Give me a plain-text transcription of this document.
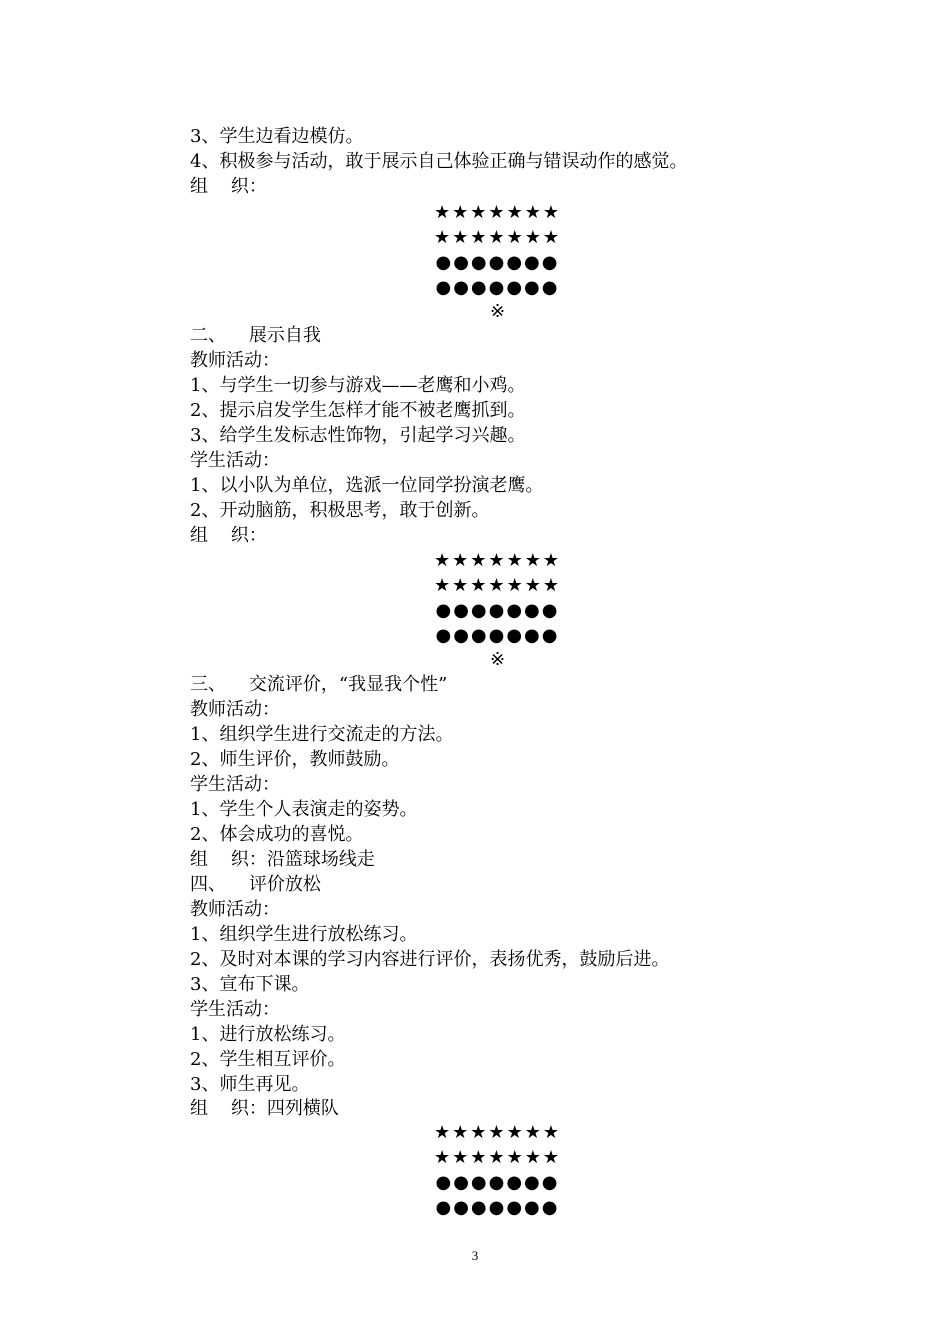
3、学生边看边模仿。
4、积极参与活动，敢于展示自己体验正确与错误动作的感觉。
组    织：
★★★★★★★
★★★★★★★
●●●●●●●
●●●●●●●
※
二、    展示自我
教师活动：
1、与学生一切参与游戏——老鹰和小鸡。
2、提示启发学生怎样才能不被老鹰抓到。
3、给学生发标志性饰物，引起学习兴趣。
学生活动：
1、以小队为单位，选派一位同学扮演老鹰。
2、开动脑筋，积极思考，敢于创新。
组    织：
★★★★★★★
★★★★★★★
●●●●●●●
●●●●●●●
※
三、    交流评价，“我显我个性”
教师活动：
1、组织学生进行交流走的方法。
2、师生评价，教师鼓励。
学生活动：
1、学生个人表演走的姿势。
2、体会成功的喜悦。
组    织：沿篮球场线走
四、    评价放松
教师活动：
1、组织学生进行放松练习。
2、及时对本课的学习内容进行评价，表扬优秀，鼓励后进。
3、宣布下课。
学生活动：
1、进行放松练习。
2、学生相互评价。
3、师生再见。
组    织：四列横队
★★★★★★★
★★★★★★★
●●●●●●●
●●●●●●●
3
